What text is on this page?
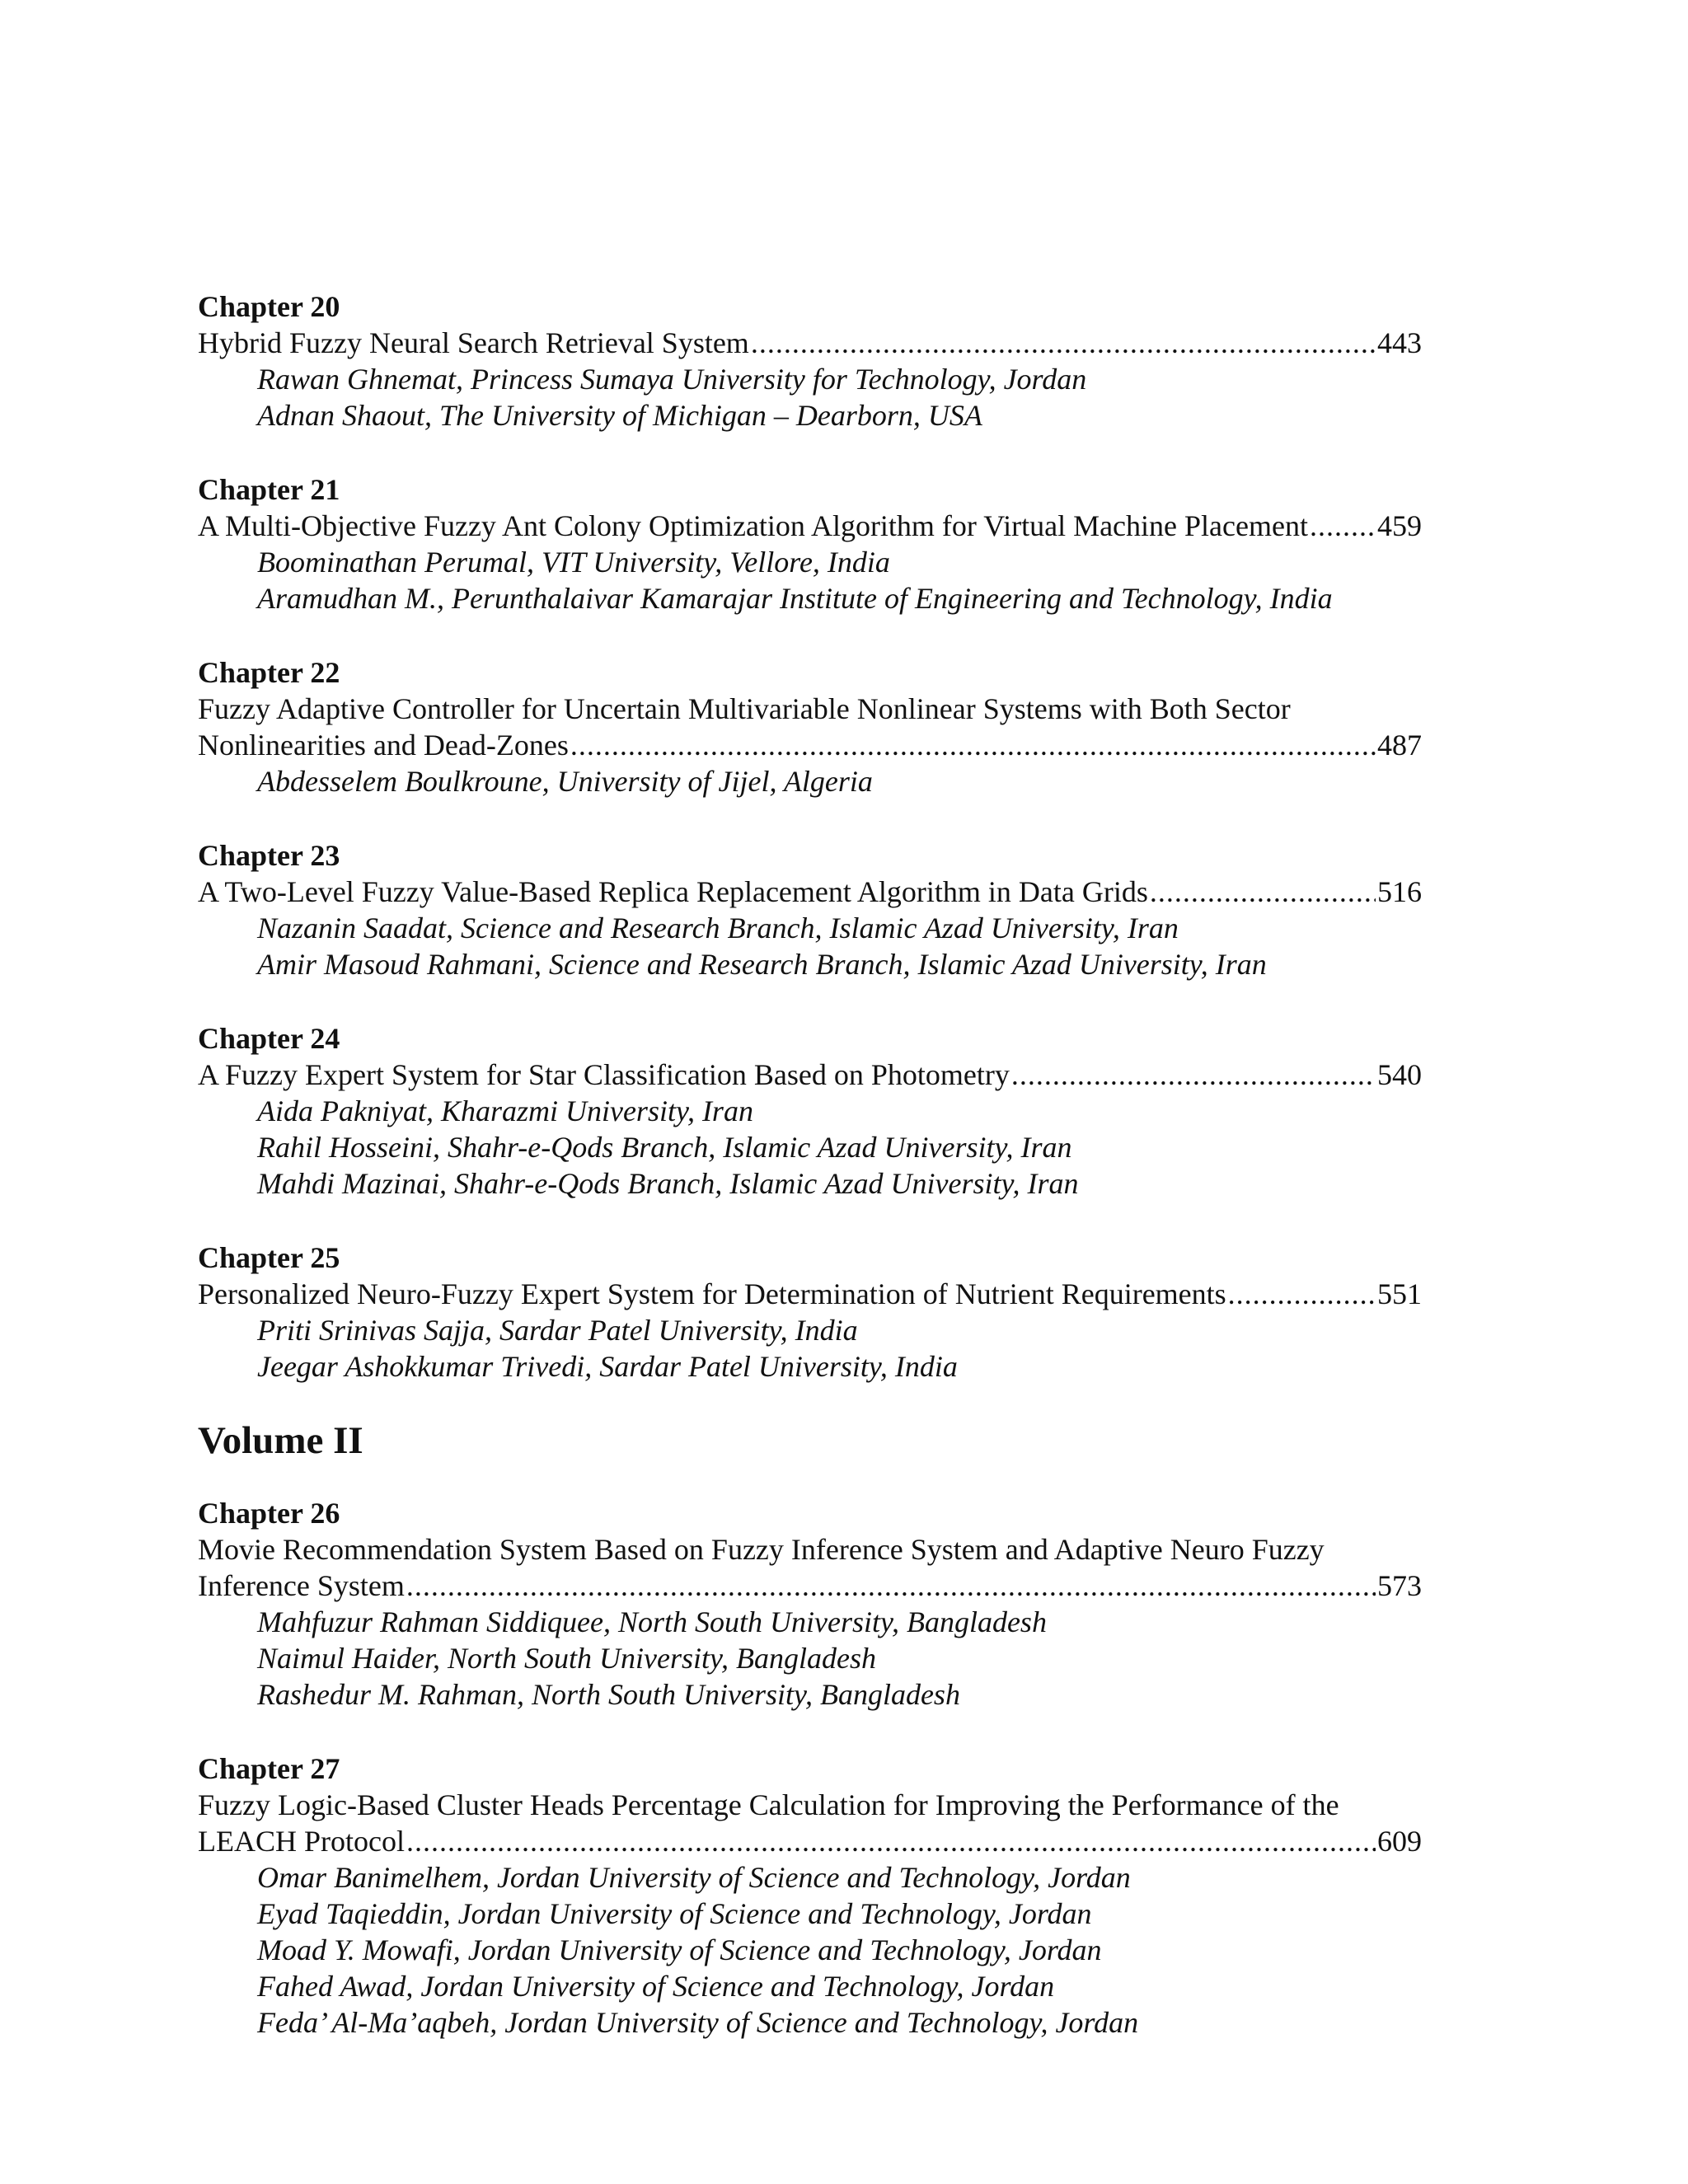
Chapter 20
Hybrid Fuzzy Neural Search Retrieval System .....	443
Rawan Ghnemat, Princess Sumaya University for Technology, Jordan
Adnan Shaout, The University of Michigan – Dearborn, USA
Chapter 21
A Multi-Objective Fuzzy Ant Colony Optimization Algorithm for Virtual Machine Placement ..... 459
Boominathan Perumal, VIT University, Vellore, India
Aramudhan M., Perunthalaivar Kamarajar Institute of Engineering and Technology, India
Chapter 22
Fuzzy Adaptive Controller for Uncertain Multivariable Nonlinear Systems with Both Sector
Nonlinearities and Dead-Zones .....	487
Abdesselem Boulkroune, University of Jijel, Algeria
Chapter 23
A Two-Level Fuzzy Value-Based Replica Replacement Algorithm in Data Grids .....	516
Nazanin Saadat, Science and Research Branch, Islamic Azad University, Iran
Amir Masoud Rahmani, Science and Research Branch, Islamic Azad University, Iran
Chapter 24
A Fuzzy Expert System for Star Classification Based on Photometry .....	540
Aida Pakniyat, Kharazmi University, Iran
Rahil Hosseini, Shahr-e-Qods Branch, Islamic Azad University, Iran
Mahdi Mazinai, Shahr-e-Qods Branch, Islamic Azad University, Iran
Chapter 25
Personalized Neuro-Fuzzy Expert System for Determination of Nutrient Requirements .....	551
Priti Srinivas Sajja, Sardar Patel University, India
Jeegar Ashokkumar Trivedi, Sardar Patel University, India
Volume II
Chapter 26
Movie Recommendation System Based on Fuzzy Inference System and Adaptive Neuro Fuzzy
Inference System .....	573
Mahfuzur Rahman Siddiquee, North South University, Bangladesh
Naimul Haider, North South University, Bangladesh
Rashedur M. Rahman, North South University, Bangladesh
Chapter 27
Fuzzy Logic-Based Cluster Heads Percentage Calculation for Improving the Performance of the
LEACH Protocol .....	609
Omar Banimelhem, Jordan University of Science and Technology, Jordan
Eyad Taqieddin, Jordan University of Science and Technology, Jordan
Moad Y. Mowafi, Jordan University of Science and Technology, Jordan
Fahed Awad, Jordan University of Science and Technology, Jordan
Feda’ Al-Ma’aqbeh, Jordan University of Science and Technology, Jordan
